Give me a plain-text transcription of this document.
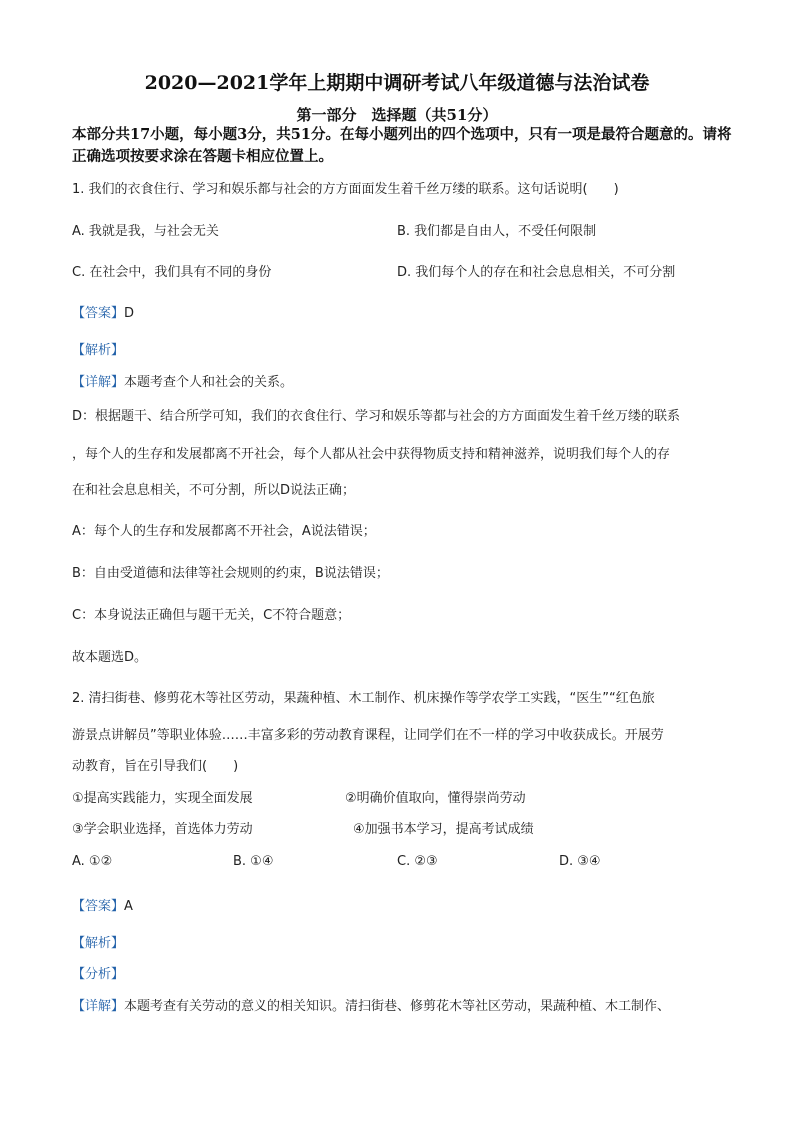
2020—2021学年上期期中调研考试八年级道德与法治试卷
第一部分　选择题（共51分）
本部分共17小题，每小题3分，共51分。在每小题列出的四个选项中，只有一项是最符合题意的。请将正确选项按要求涂在答题卡相应位置上。
1. 我们的衣食住行、学习和娱乐都与社会的方方面面发生着千丝万缕的联系。这句话说明(　　)
A. 我就是我，与社会无关	B. 我们都是自由人，不受任何限制
C. 在社会中，我们具有不同的身份	D. 我们每个人的存在和社会息息相关，不可分割
【答案】D
【解析】
【详解】本题考查个人和社会的关系。
D：根据题干、结合所学可知，我们的衣食住行、学习和娱乐等都与社会的方方面面发生着千丝万缕的联系
，每个人的生存和发展都离不开社会，每个人都从社会中获得物质支持和精神滋养，说明我们每个人的存
在和社会息息相关，不可分割，所以D说法正确；
A：每个人的生存和发展都离不开社会，A说法错误；
B：自由受道德和法律等社会规则的约束，B说法错误；
C：本身说法正确但与题干无关，C不符合题意；
故本题选D。
2. 清扫街巷、修剪花木等社区劳动，果蔬种植、木工制作、机床操作等学农学工实践，“医生”“红色旅
游景点讲解员”等职业体验……丰富多彩的劳动教育课程，让同学们在不一样的学习中收获成长。开展劳
动教育，旨在引导我们(　　)
①提高实践能力，实现全面发展	②明确价值取向，懂得崇尚劳动
③学会职业选择，首选体力劳动	④加强书本学习，提高考试成绩
A. ①②	B. ①④	C. ②③	D. ③④
【答案】A
【解析】
【分析】
【详解】本题考查有关劳动的意义的相关知识。清扫街巷、修剪花木等社区劳动，果蔬种植、木工制作、
